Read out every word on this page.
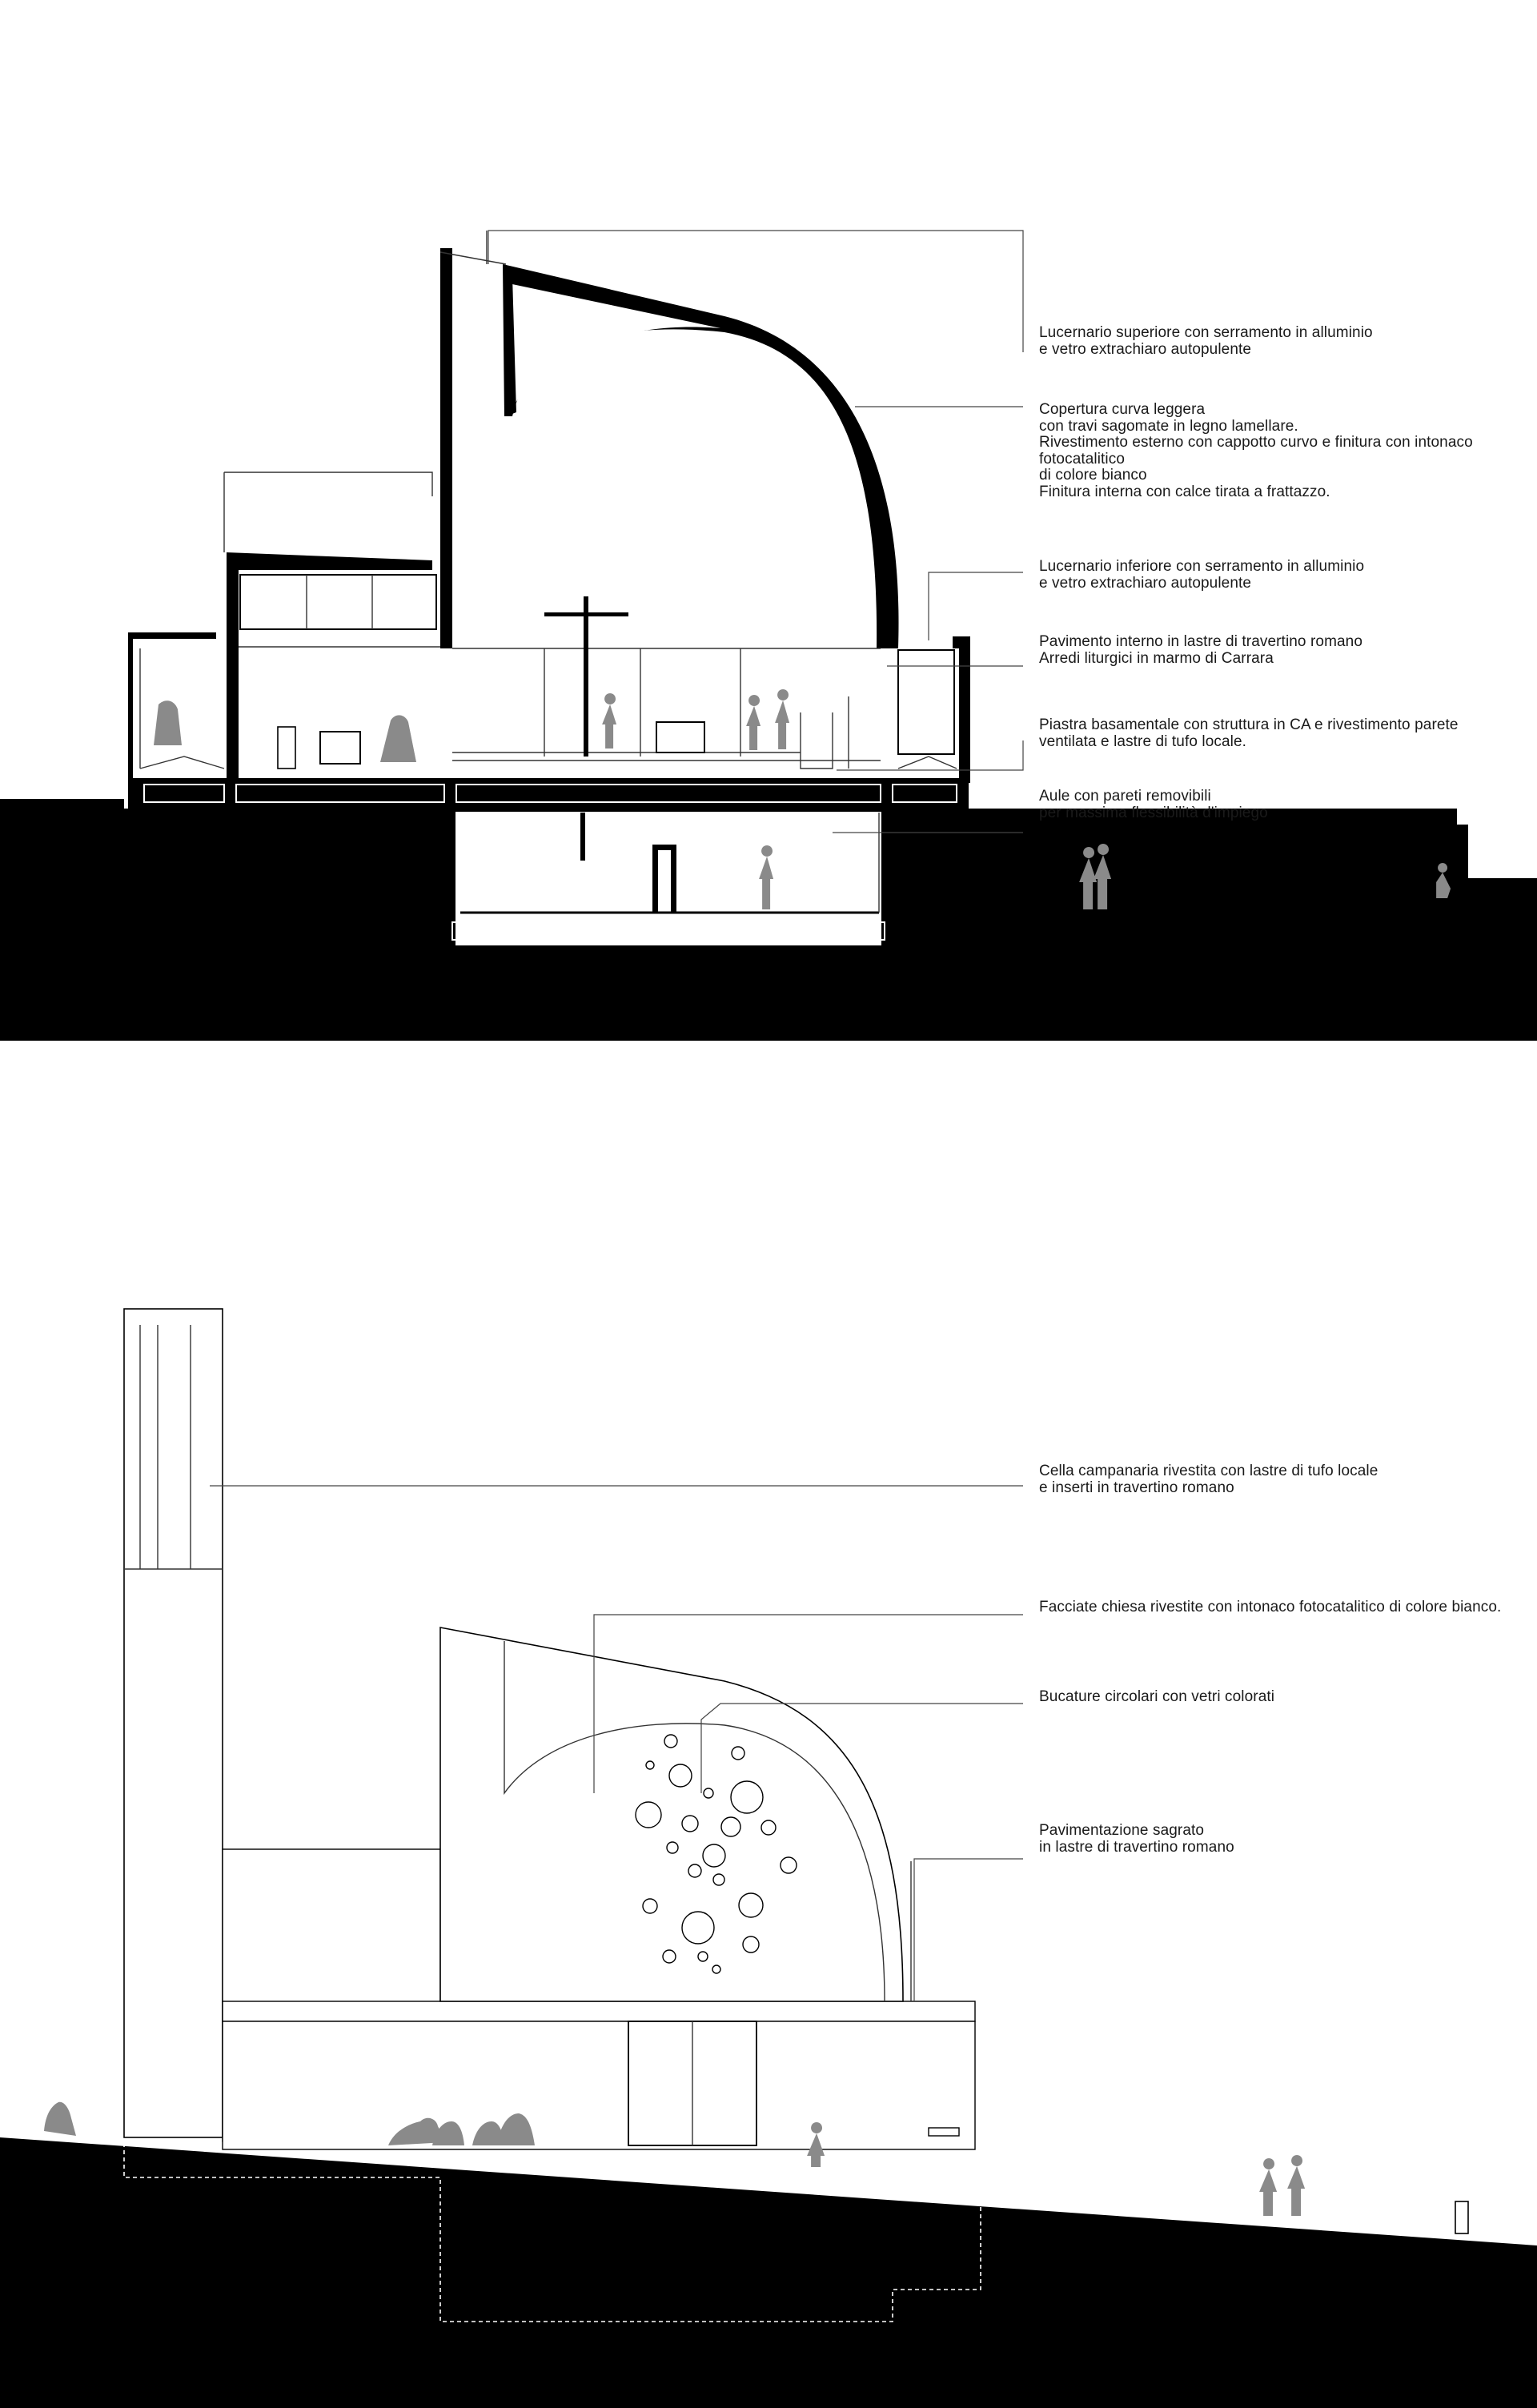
Lucernario superiore con serramento in alluminio
e vetro extrachiaro autopulente
Copertura curva leggera
con travi sagomate in legno lamellare.
Rivestimento esterno con cappotto curvo e finitura con intonaco fotocatalitico
di colore bianco
Finitura interna con calce tirata a frattazzo.
Lucernario inferiore con serramento in alluminio
e vetro extrachiaro autopulente
Pavimento interno in lastre di travertino romano
Arredi liturgici in marmo di Carrara
Piastra basamentale con struttura in CA e rivestimento parete
ventilata e lastre di tufo locale.
Aule con pareti removibili
per massima flessibilità d'impiego
Cella campanaria rivestita con lastre di tufo locale
e inserti in travertino romano
Facciate chiesa rivestite con intonaco fotocatalitico di colore bianco.
Bucature circolari con vetri colorati
Pavimentazione sagrato
in lastre di travertino romano
